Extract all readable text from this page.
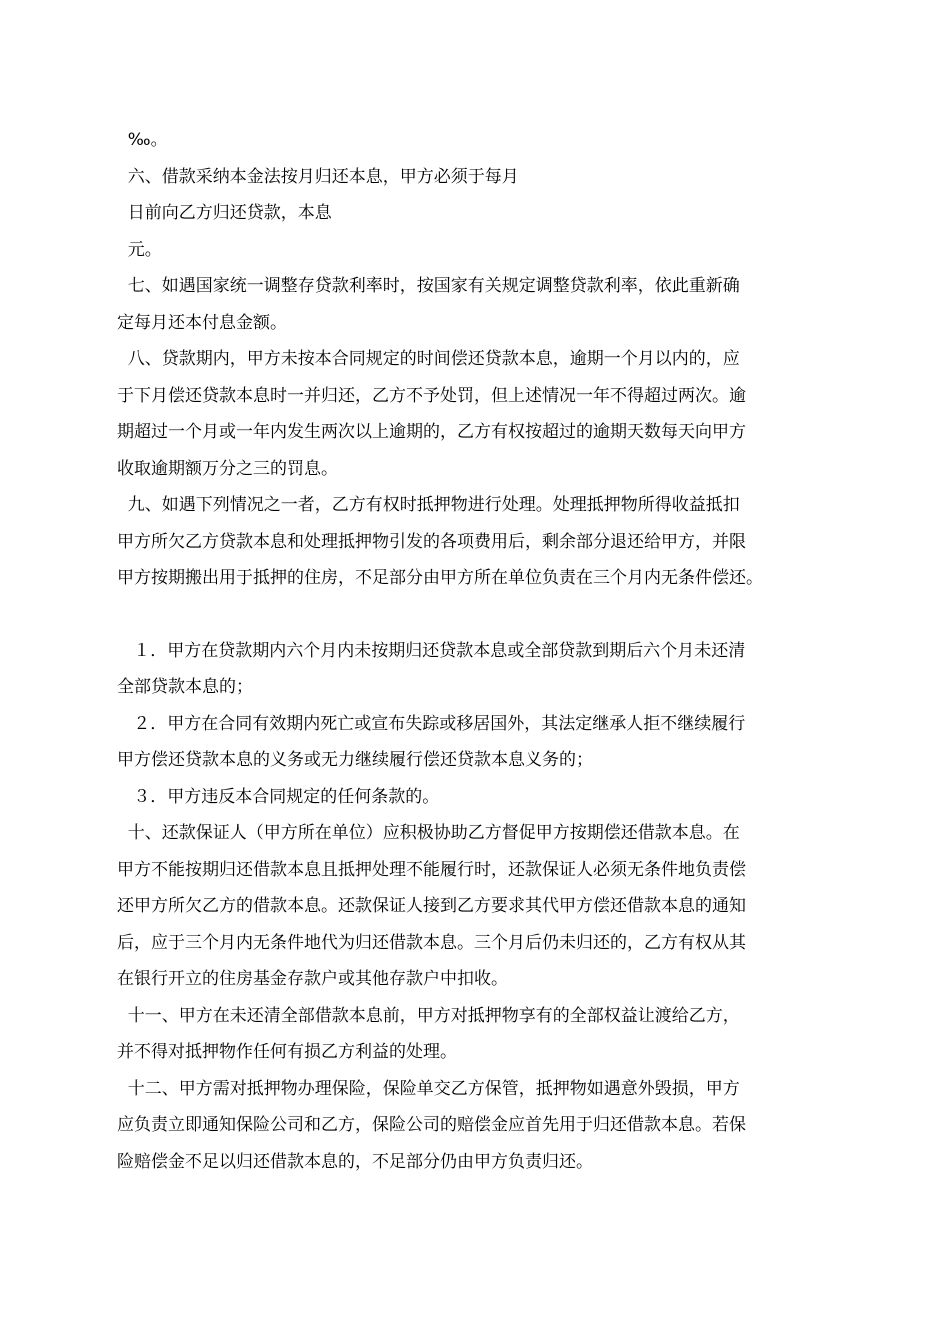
‰。

六、借款采纳本金法按月归还本息，甲方必须于每月

日前向乙方归还贷款，本息

元。

七、如遇国家统一调整存贷款利率时，按国家有关规定调整贷款利率，依此重新确

定每月还本付息金额。

八、贷款期内，甲方未按本合同规定的时间偿还贷款本息，逾期一个月以内的，应

于下月偿还贷款本息时一并归还，乙方不予处罚，但上述情况一年不得超过两次。逾

期超过一个月或一年内发生两次以上逾期的，乙方有权按超过的逾期天数每天向甲方

收取逾期额万分之三的罚息。

九、如遇下列情况之一者，乙方有权时抵押物进行处理。处理抵押物所得收益抵扣

甲方所欠乙方贷款本息和处理抵押物引发的各项费用后，剩余部分退还给甲方，并限

甲方按期搬出用于抵押的住房，不足部分由甲方所在单位负责在三个月内无条件偿还。

１．甲方在贷款期内六个月内未按期归还贷款本息或全部贷款到期后六个月未还清

全部贷款本息的；

２．甲方在合同有效期内死亡或宣布失踪或移居国外，其法定继承人拒不继续履行

甲方偿还贷款本息的义务或无力继续履行偿还贷款本息义务的；

３．甲方违反本合同规定的任何条款的。

十、还款保证人（甲方所在单位）应积极协助乙方督促甲方按期偿还借款本息。在

甲方不能按期归还借款本息且抵押处理不能履行时，还款保证人必须无条件地负责偿

还甲方所欠乙方的借款本息。还款保证人接到乙方要求其代甲方偿还借款本息的通知

后，应于三个月内无条件地代为归还借款本息。三个月后仍未归还的，乙方有权从其

在银行开立的住房基金存款户或其他存款户中扣收。

十一、甲方在未还清全部借款本息前，甲方对抵押物享有的全部权益让渡给乙方，

并不得对抵押物作任何有损乙方利益的处理。

十二、甲方需对抵押物办理保险，保险单交乙方保管，抵押物如遇意外毁损，甲方

应负责立即通知保险公司和乙方，保险公司的赔偿金应首先用于归还借款本息。若保

险赔偿金不足以归还借款本息的，不足部分仍由甲方负责归还。
